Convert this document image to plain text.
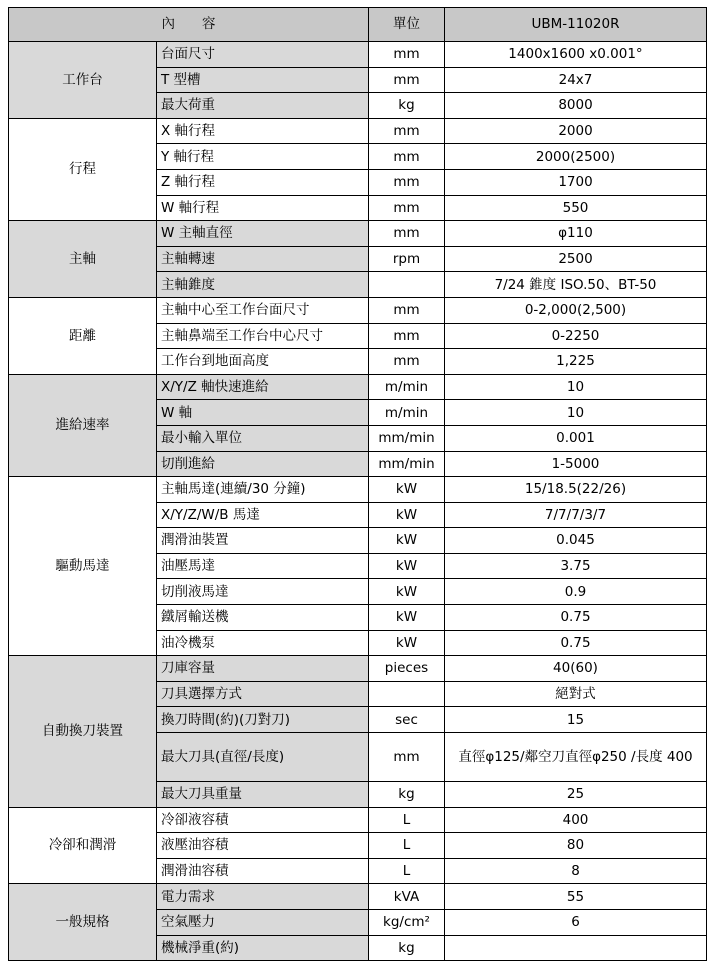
內　　容		單位	UBM-11020R
工作台	台面尺寸	mm	1400x1600 x0.001°
	T 型槽	mm	24x7
	最大荷重	kg	8000
行程	X 軸行程	mm	2000
	Y 軸行程	mm	2000(2500)
	Z 軸行程	mm	1700
	W 軸行程	mm	550
主軸	W 主軸直徑	mm	φ110
	主軸轉速	rpm	2500
	主軸錐度		7/24 錐度 ISO.50、BT-50
距離	主軸中心至工作台面尺寸	mm	0-2,000(2,500)
	主軸鼻端至工作台中心尺寸	mm	0-2250
	工作台到地面高度	mm	1,225
進給速率	X/Y/Z 軸快速進給	m/min	10
	W 軸	m/min	10
	最小輸入單位	mm/min	0.001
	切削進給	mm/min	1-5000
驅動馬達	主軸馬達(連續/30 分鐘)	kW	15/18.5(22/26)
	X/Y/Z/W/B 馬達	kW	7/7/7/3/7
	潤滑油裝置	kW	0.045
	油壓馬達	kW	3.75
	切削液馬達	kW	0.9
	鐵屑輸送機	kW	0.75
	油冷機泵	kW	0.75
自動換刀裝置	刀庫容量	pieces	40(60)
	刀具選擇方式		絕對式
	換刀時間(約)(刀對刀)	sec	15
	最大刀具(直徑/長度)	mm	直徑φ125/鄰空刀直徑φ250 /長度 400
	最大刀具重量	kg	25
冷卻和潤滑	冷卻液容積	L	400
	液壓油容積	L	80
	潤滑油容積	L	8
一般規格	電力需求	kVA	55
	空氣壓力	kg/cm²	6
	機械淨重(約)	kg	
